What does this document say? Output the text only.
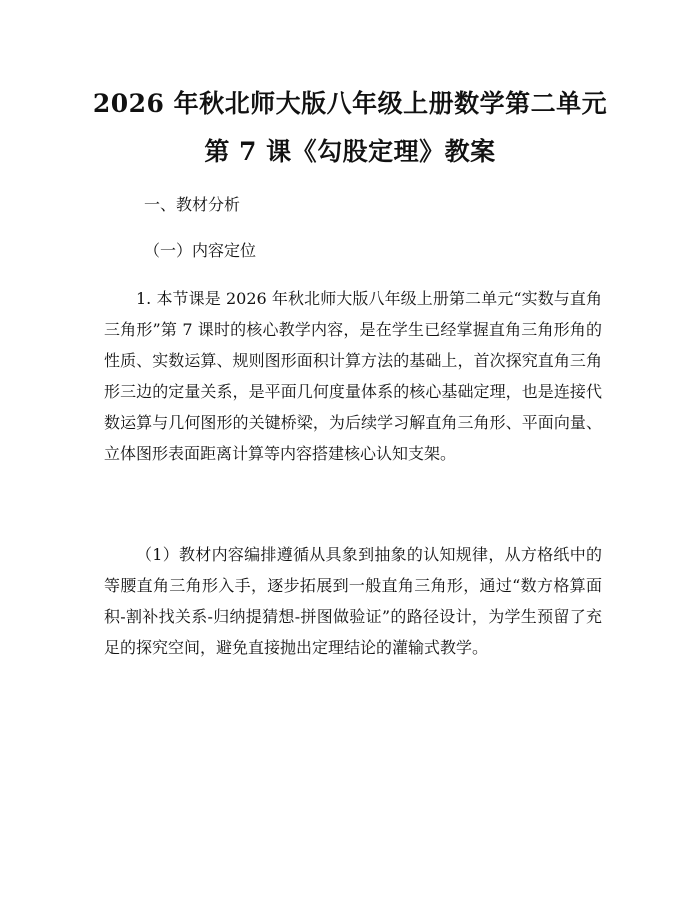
2026 年秋北师大版八年级上册数学第二单元
第 7 课《勾股定理》教案
一、教材分析
（一）内容定位
1. 本节课是 2026 年秋北师大版八年级上册第二单元“实数与直角三角形”第 7 课时的核心教学内容，是在学生已经掌握直角三角形角的性质、实数运算、规则图形面积计算方法的基础上，首次探究直角三角形三边的定量关系，是平面几何度量体系的核心基础定理，也是连接代数运算与几何图形的关键桥梁，为后续学习解直角三角形、平面向量、立体图形表面距离计算等内容搭建核心认知支架。
（1）教材内容编排遵循从具象到抽象的认知规律，从方格纸中的等腰直角三角形入手，逐步拓展到一般直角三角形，通过“数方格算面积-割补找关系-归纳提猜想-拼图做验证”的路径设计，为学生预留了充足的探究空间，避免直接抛出定理结论的灌输式教学。
